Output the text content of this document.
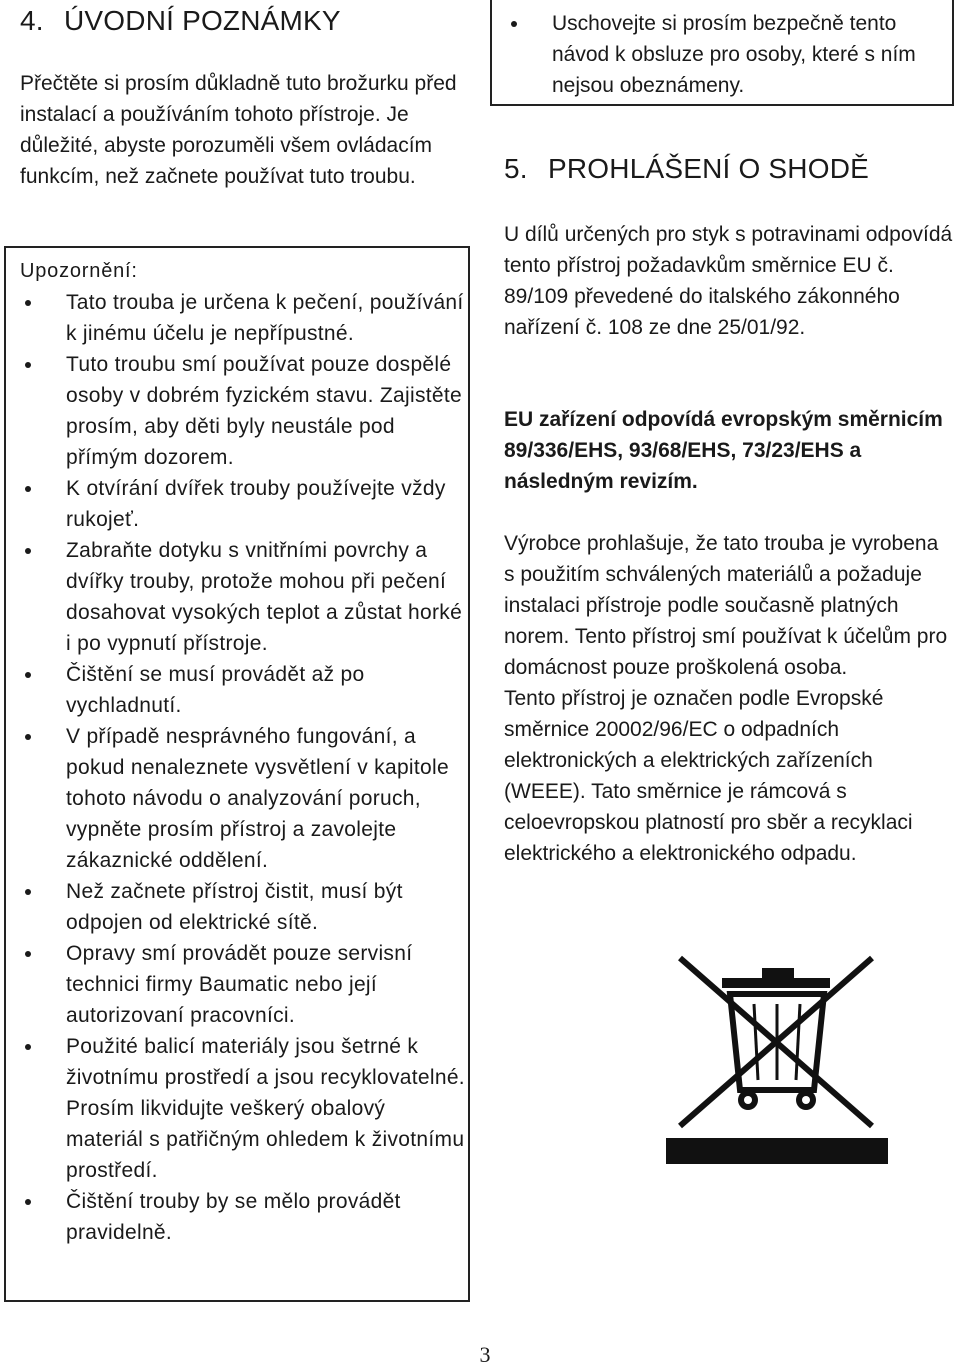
4. ÚVODNÍ POZNÁMKY
Přečtěte si prosím důkladně tuto brožurku před instalací a používáním tohoto přístroje. Je důležité, abyste porozuměli všem ovládacím funkcím, než začnete používat tuto troubu.
Upozornění:
Tato trouba je určena k pečení, používání k jinému účelu je nepřípustné.
Tuto troubu smí používat pouze dospělé osoby v dobrém fyzickém stavu. Zajistěte prosím, aby děti byly neustále pod přímým dozorem.
K otvírání dvířek trouby používejte vždy rukojeť.
Zabraňte dotyku s vnitřními povrchy a dvířky trouby, protože mohou při pečení dosahovat vysokých teplot a zůstat horké i po vypnutí přístroje.
Čištění se musí provádět až po vychladnutí.
V případě nesprávného fungování, a pokud nenaleznete vysvětlení v kapitole tohoto návodu o analyzování poruch, vypněte prosím přístroj a zavolejte zákaznické oddělení.
Než začnete přístroj čistit, musí být odpojen od elektrické sítě.
Opravy smí provádět pouze servisní technici firmy Baumatic nebo její autorizovaní pracovníci.
Použité balicí materiály jsou šetrné k životnímu prostředí a jsou recyklovatelné. Prosím likvidujte veškerý obalový materiál s patřičným ohledem k životnímu prostředí.
Čištění trouby by se mělo provádět pravidelně.
Uschovejte si prosím bezpečně tento návod k obsluze pro osoby, které s ním nejsou obeznámeny.
5. PROHLÁŠENÍ O SHODĚ
U dílů určených pro styk s potravinami odpovídá tento přístroj požadavkům směrnice EU č. 89/109 převedené do italského zákonného nařízení č. 108 ze dne 25/01/92.
EU zařízení odpovídá evropským směrnicím 89/336/EHS, 93/68/EHS, 73/23/EHS a následným revizím.
Výrobce prohlašuje, že tato trouba je vyrobena s použitím schválených materiálů a požaduje instalaci přístroje podle současně platných norem. Tento přístroj smí používat k účelům pro domácnost pouze proškolená osoba.
Tento přístroj je označen podle Evropské směrnice 20002/96/EC o odpadních elektronických a elektrických zařízeních (WEEE). Tato směrnice je rámcová s celoevropskou platností pro sběr a recyklaci elektrického a elektronického odpadu.
3
